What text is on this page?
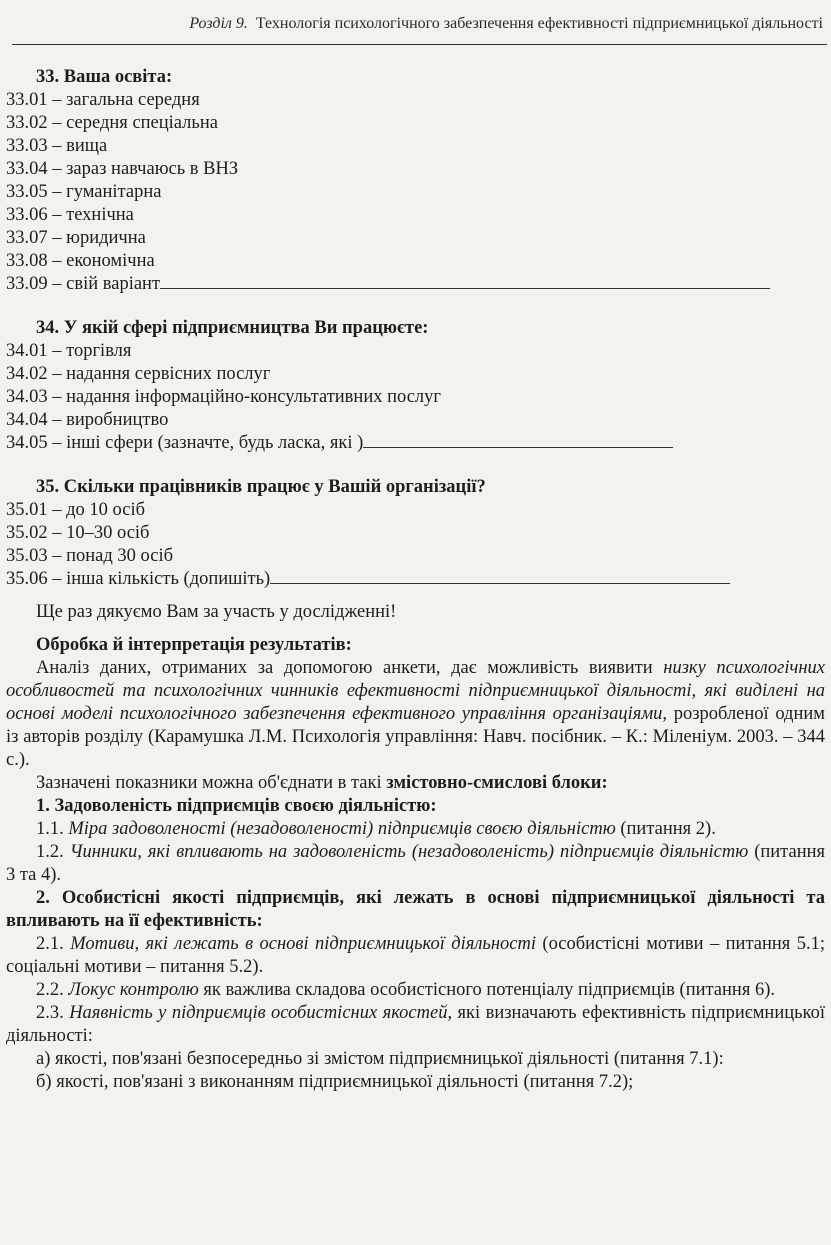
Розділ 9. Технологія психологічного забезпечення ефективності підприємницької діяльності
33. Ваша освіта:
33.01 – загальна середня
33.02 – середня спеціальна
33.03 – вища
33.04 – зараз навчаюсь в ВНЗ
33.05 – гуманітарна
33.06 – технічна
33.07 – юридична
33.08 – економічна
33.09 – свій варіант
34. У якій сфері підприємництва Ви працюєте:
34.01 – торгівля
34.02 – надання сервісних послуг
34.03 – надання інформаційно-консультативних послуг
34.04 – виробництво
34.05 – інші сфери (зазначте, будь ласка, які )
35. Скільки працівників працює у Вашій організації?
35.01 – до 10 осіб
35.02 – 10–30 осіб
35.03 – понад 30 осіб
35.06 – інша кількість (допишіть)
Ще раз дякуємо Вам за участь у дослідженні!
Обробка й інтерпретація результатів:
Аналіз даних, отриманих за допомогою анкети, дає можливість виявити низку психологічних особливостей та психологічних чинників ефективності підприємницької діяльності, які виділені на основі моделі психологічного забезпечення ефективного управління організаціями, розробленої одним із авторів розділу (Карамушка Л.М. Психологія управління: Навч. посібник. – К.: Міленіум. 2003. – 344 с.).
Зазначені показники можна об'єднати в такі змістовно-смислові блоки:
1. Задоволеність підприємців своєю діяльністю:
1.1. Міра задоволеності (незадоволеності) підприємців своєю діяльністю (питання 2).
1.2. Чинники, які впливають на задоволеність (незадоволеність) підприємців діяльністю (питання 3 та 4).
2. Особистісні якості підприємців, які лежать в основі підприємницької діяльності та впливають на її ефективність:
2.1. Мотиви, які лежать в основі підприємницької діяльності (особистісні мотиви – питання 5.1; соціальні мотиви – питання 5.2).
2.2. Локус контролю як важлива складова особистісного потенціалу підприємців (питання 6).
2.3. Наявність у підприємців особистісних якостей, які визначають ефективність підприємницької діяльності:
а) якості, пов'язані безпосередньо зі змістом підприємницької діяльності (питання 7.1):
б) якості, пов'язані з виконанням підприємницької діяльності (питання 7.2);
